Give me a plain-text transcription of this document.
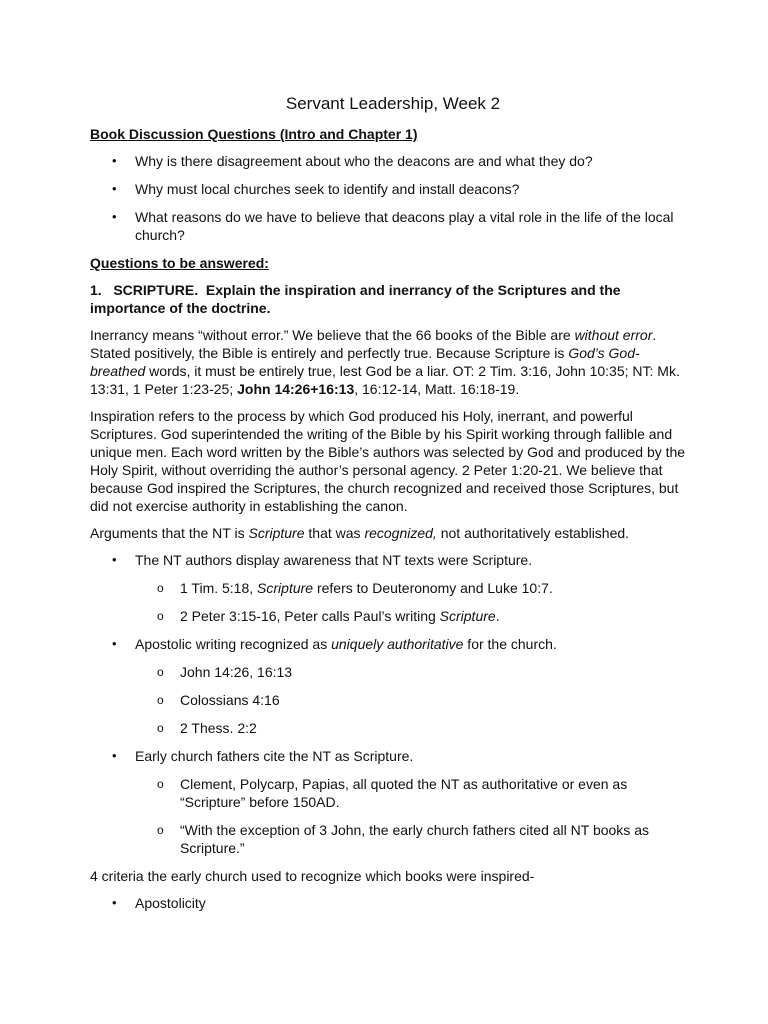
Servant Leadership, Week 2
Book Discussion Questions (Intro and Chapter 1)
• Why is there disagreement about who the deacons are and what they do?
• Why must local churches seek to identify and install deacons?
• What reasons do we have to believe that deacons play a vital role in the life of the local church?
Questions to be answered:
1.   SCRIPTURE.  Explain the inspiration and inerrancy of the Scriptures and the importance of the doctrine.

Inerrancy means “without error.” We believe that the 66 books of the Bible are without error. Stated positively, the Bible is entirely and perfectly true. Because Scripture is God’s God-breathed words, it must be entirely true, lest God be a liar. OT: 2 Tim. 3:16, John 10:35; NT: Mk. 13:31, 1 Peter 1:23-25; John 14:26+16:13, 16:12-14, Matt. 16:18-19.

Inspiration refers to the process by which God produced his Holy, inerrant, and powerful Scriptures. God superintended the writing of the Bible by his Spirit working through fallible and unique men. Each word written by the Bible’s authors was selected by God and produced by the Holy Spirit, without overriding the author’s personal agency. 2 Peter 1:20-21. We believe that because God inspired the Scriptures, the church recognized and received those Scriptures, but did not exercise authority in establishing the canon.

Arguments that the NT is Scripture that was recognized, not authoritatively established.

• The NT authors display awareness that NT texts were Scripture.
o 1 Tim. 5:18, Scripture refers to Deuteronomy and Luke 10:7.
o 2 Peter 3:15-16, Peter calls Paul’s writing Scripture.
• Apostolic writing recognized as uniquely authoritative for the church.
o John 14:26, 16:13
o Colossians 4:16
o 2 Thess. 2:2
• Early church fathers cite the NT as Scripture.
o Clement, Polycarp, Papias, all quoted the NT as authoritative or even as “Scripture” before 150AD.
o “With the exception of 3 John, the early church fathers cited all NT books as Scripture.”

4 criteria the early church used to recognize which books were inspired-

• Apostolicity
